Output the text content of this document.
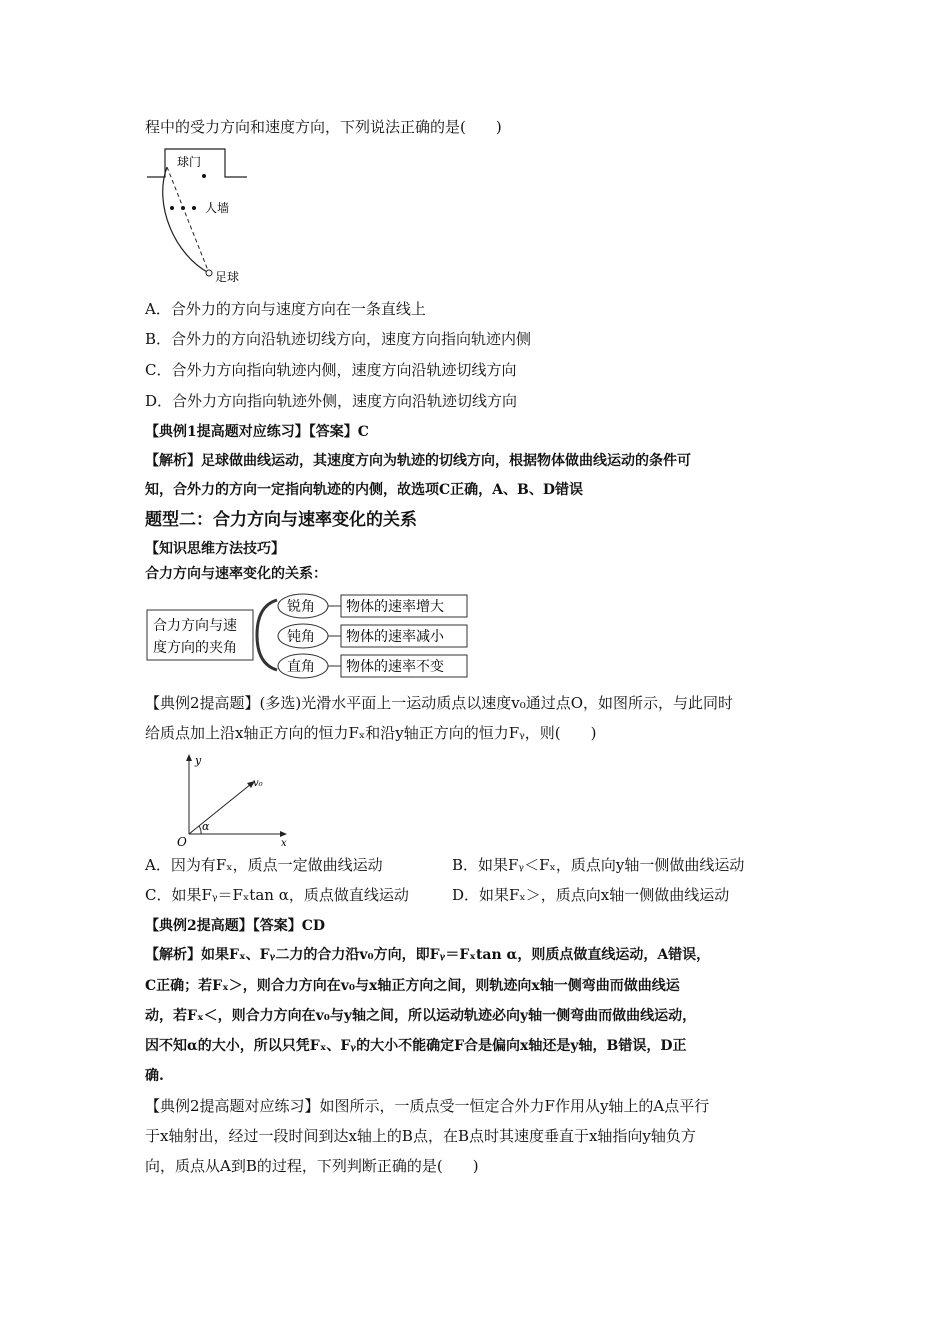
程中的受力方向和速度方向，下列说法正确的是(　　)
球门
人墙
足球
A．合外力的方向与速度方向在一条直线上
B．合外力的方向沿轨迹切线方向，速度方向指向轨迹内侧
C．合外力方向指向轨迹内侧，速度方向沿轨迹切线方向
D．合外力方向指向轨迹外侧，速度方向沿轨迹切线方向
【典例1提高题对应练习】【答案】C
【解析】足球做曲线运动，其速度方向为轨迹的切线方向，根据物体做曲线运动的条件可
知，合外力的方向一定指向轨迹的内侧，故选项C正确，A、B、D错误
题型二：合力方向与速率变化的关系
【知识思维方法技巧】
合力方向与速率变化的关系：
合力方向与速
度方向的夹角
锐角
钝角
直角
物体的速率增大
物体的速率减小
物体的速率不变
【典例2提高题】(多选)光滑水平面上一运动质点以速度v₀通过点O，如图所示，与此同时
给质点加上沿x轴正方向的恒力Fₓ和沿y轴正方向的恒力Fᵧ，则(　　)
y
x
O
v₀
α
A．因为有Fₓ，质点一定做曲线运动	B．如果Fᵧ＜Fₓ，质点向y轴一侧做曲线运动
C．如果Fᵧ＝Fₓtan α，质点做直线运动	D．如果Fₓ＞，质点向x轴一侧做曲线运动
【典例2提高题】【答案】CD
【解析】如果Fₓ、Fᵧ二力的合力沿v₀方向，即Fᵧ＝Fₓtan α，则质点做直线运动，A错误，
C正确；若Fₓ＞，则合力方向在v₀与x轴正方向之间，则轨迹向x轴一侧弯曲而做曲线运
动，若Fₓ＜，则合力方向在v₀与y轴之间，所以运动轨迹必向y轴一侧弯曲而做曲线运动，
因不知α的大小，所以只凭Fₓ、Fᵧ的大小不能确定F合是偏向x轴还是y轴，B错误，D正
确.
【典例2提高题对应练习】如图所示，一质点受一恒定合外力F作用从y轴上的A点平行
于x轴射出，经过一段时间到达x轴上的B点，在B点时其速度垂直于x轴指向y轴负方
向，质点从A到B的过程，下列判断正确的是(　　)
